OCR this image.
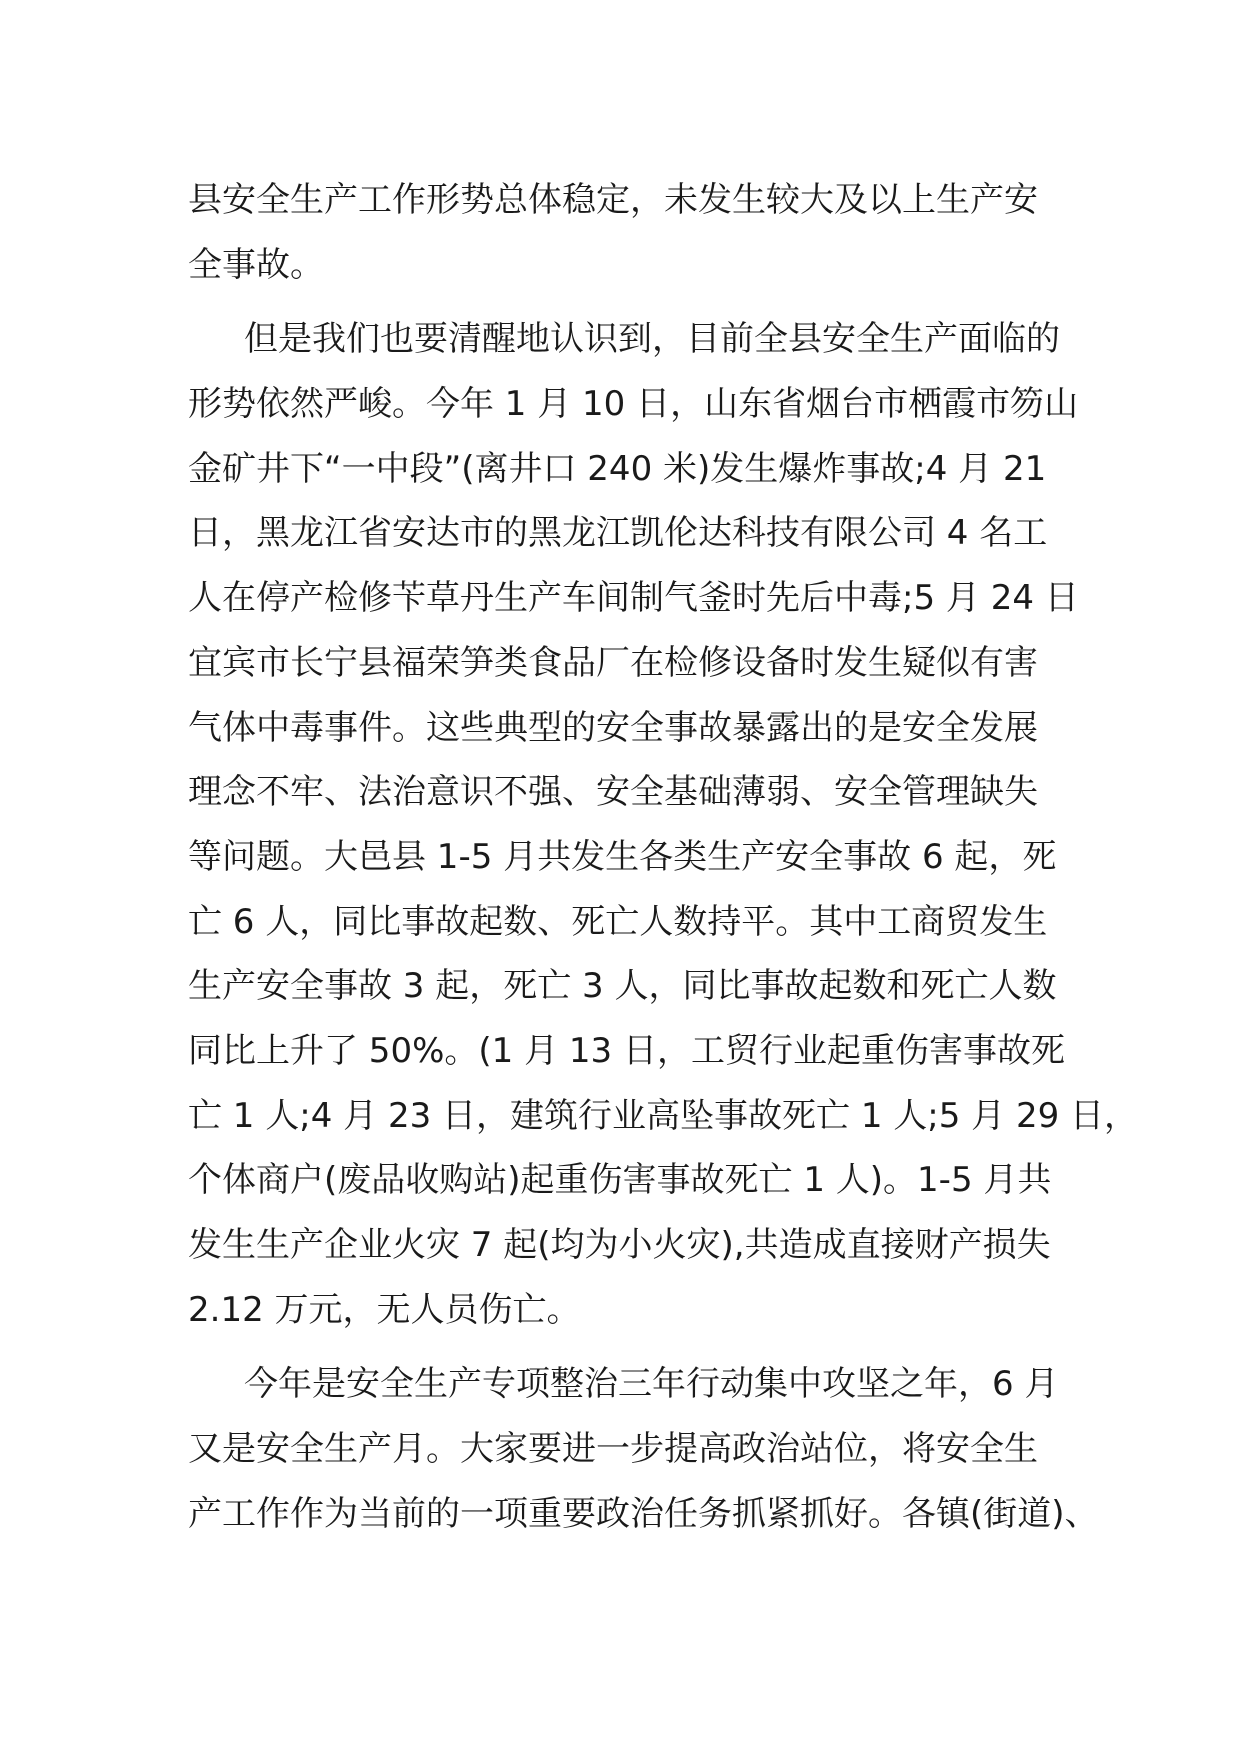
县安全生产工作形势总体稳定，未发生较大及以上生产安
全事故。

但是我们也要清醒地认识到，目前全县安全生产面临的
形势依然严峻。今年 1 月 10 日，山东省烟台市栖霞市笏山
金矿井下“一中段”(离井口 240 米)发生爆炸事故;4 月 21
日，黑龙江省安达市的黑龙江凯伦达科技有限公司 4 名工
人在停产检修苄草丹生产车间制气釜时先后中毒;5 月 24 日
宜宾市长宁县福荣笋类食品厂在检修设备时发生疑似有害
气体中毒事件。这些典型的安全事故暴露出的是安全发展
理念不牢、法治意识不强、安全基础薄弱、安全管理缺失
等问题。大邑县 1-5 月共发生各类生产安全事故 6 起，死
亡 6 人，同比事故起数、死亡人数持平。其中工商贸发生
生产安全事故 3 起，死亡 3 人，同比事故起数和死亡人数
同比上升了 50%。(1 月 13 日，工贸行业起重伤害事故死
亡 1 人;4 月 23 日，建筑行业高坠事故死亡 1 人;5 月 29 日，
个体商户(废品收购站)起重伤害事故死亡 1 人)。1-5 月共
发生生产企业火灾 7 起(均为小火灾),共造成直接财产损失
2.12 万元，无人员伤亡。

今年是安全生产专项整治三年行动集中攻坚之年，6 月
又是安全生产月。大家要进一步提高政治站位，将安全生
产工作作为当前的一项重要政治任务抓紧抓好。各镇(街道)、
